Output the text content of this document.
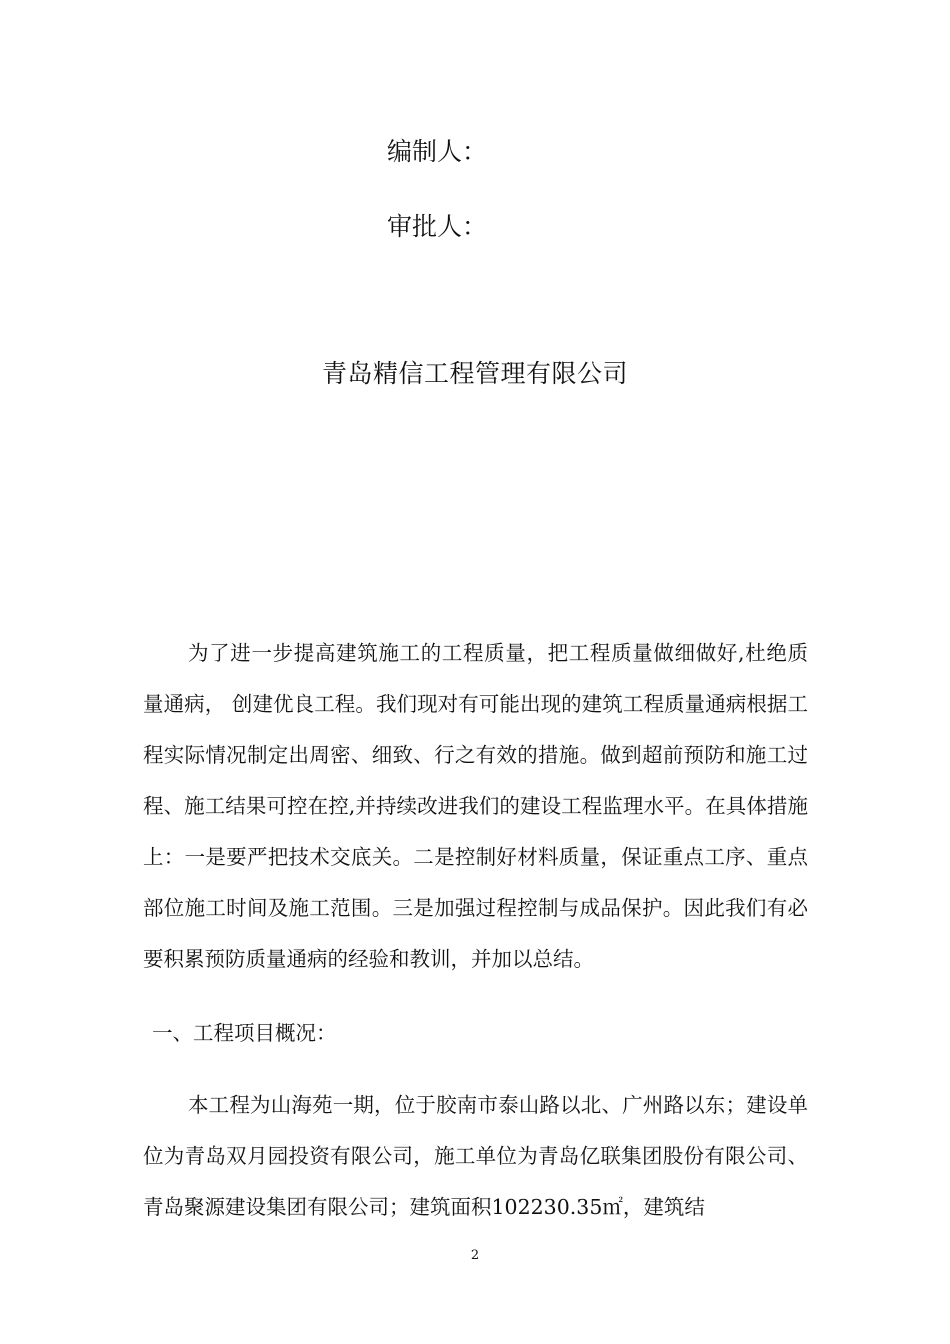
编制人：
审批人：
青岛精信工程管理有限公司

为了进一步提高建筑施工的工程质量，把工程质量做细做好,杜绝质量通病， 创建优良工程。我们现对有可能出现的建筑工程质量通病根据工程实际情况制定出周密、细致、行之有效的措施。做到超前预防和施工过程、施工结果可控在控,并持续改进我们的建设工程监理水平。在具体措施上：一是要严把技术交底关。二是控制好材料质量，保证重点工序、重点部位施工时间及施工范围。三是加强过程控制与成品保护。因此我们有必要积累预防质量通病的经验和教训，并加以总结。

一、工程项目概况：

本工程为山海苑一期，位于胶南市泰山路以北、广州路以东；建设单位为青岛双月园投资有限公司，施工单位为青岛亿联集团股份有限公司、青岛聚源建设集团有限公司；建筑面积102230.35㎡，建筑结

2
